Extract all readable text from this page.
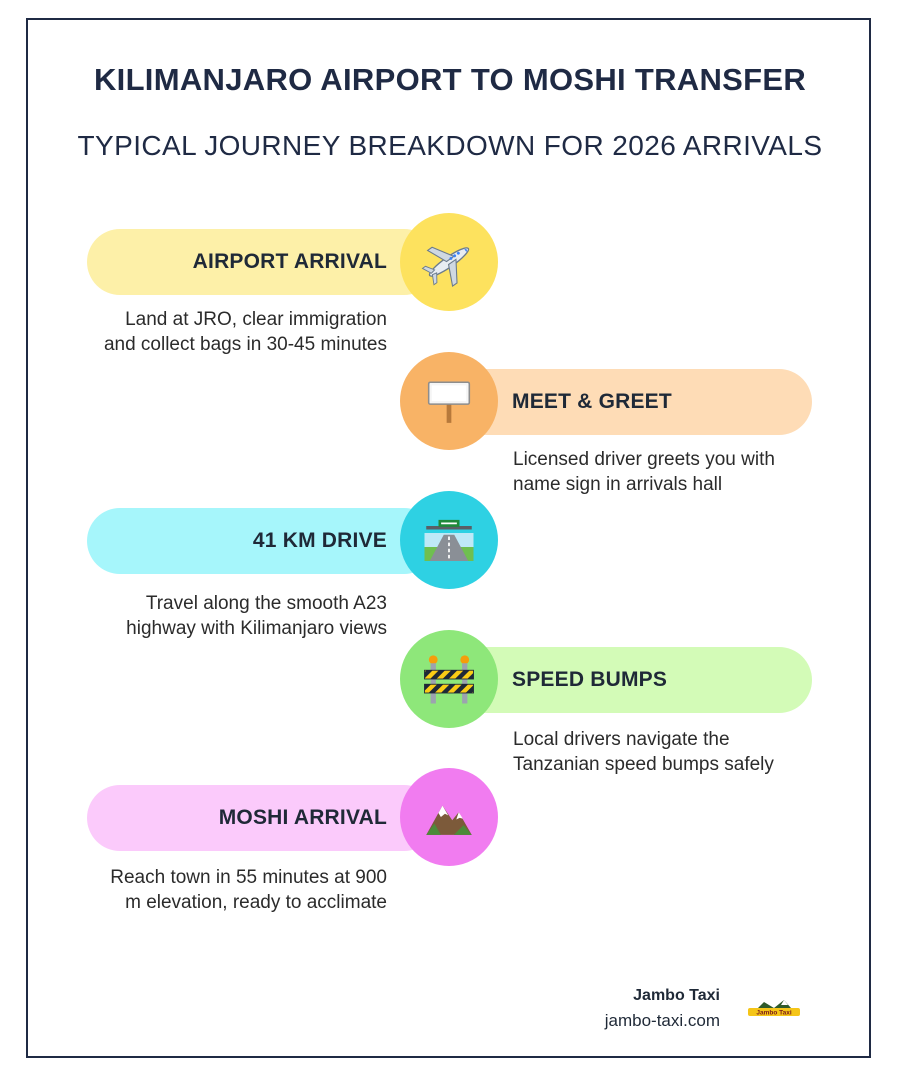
KILIMANJARO AIRPORT TO MOSHI TRANSFER
TYPICAL JOURNEY BREAKDOWN FOR 2026 ARRIVALS
AIRPORT ARRIVAL
Land at JRO, clear immigration and collect bags in 30-45 minutes
MEET & GREET
Licensed driver greets you with name sign in arrivals hall
41 KM DRIVE
Travel along the smooth A23 highway with Kilimanjaro views
SPEED BUMPS
Local drivers navigate the Tanzanian speed bumps safely
MOSHI ARRIVAL
Reach town in 55 minutes at 900 m elevation, ready to acclimate
Jambo Taxi
jambo-taxi.com	Jambo Taxi
